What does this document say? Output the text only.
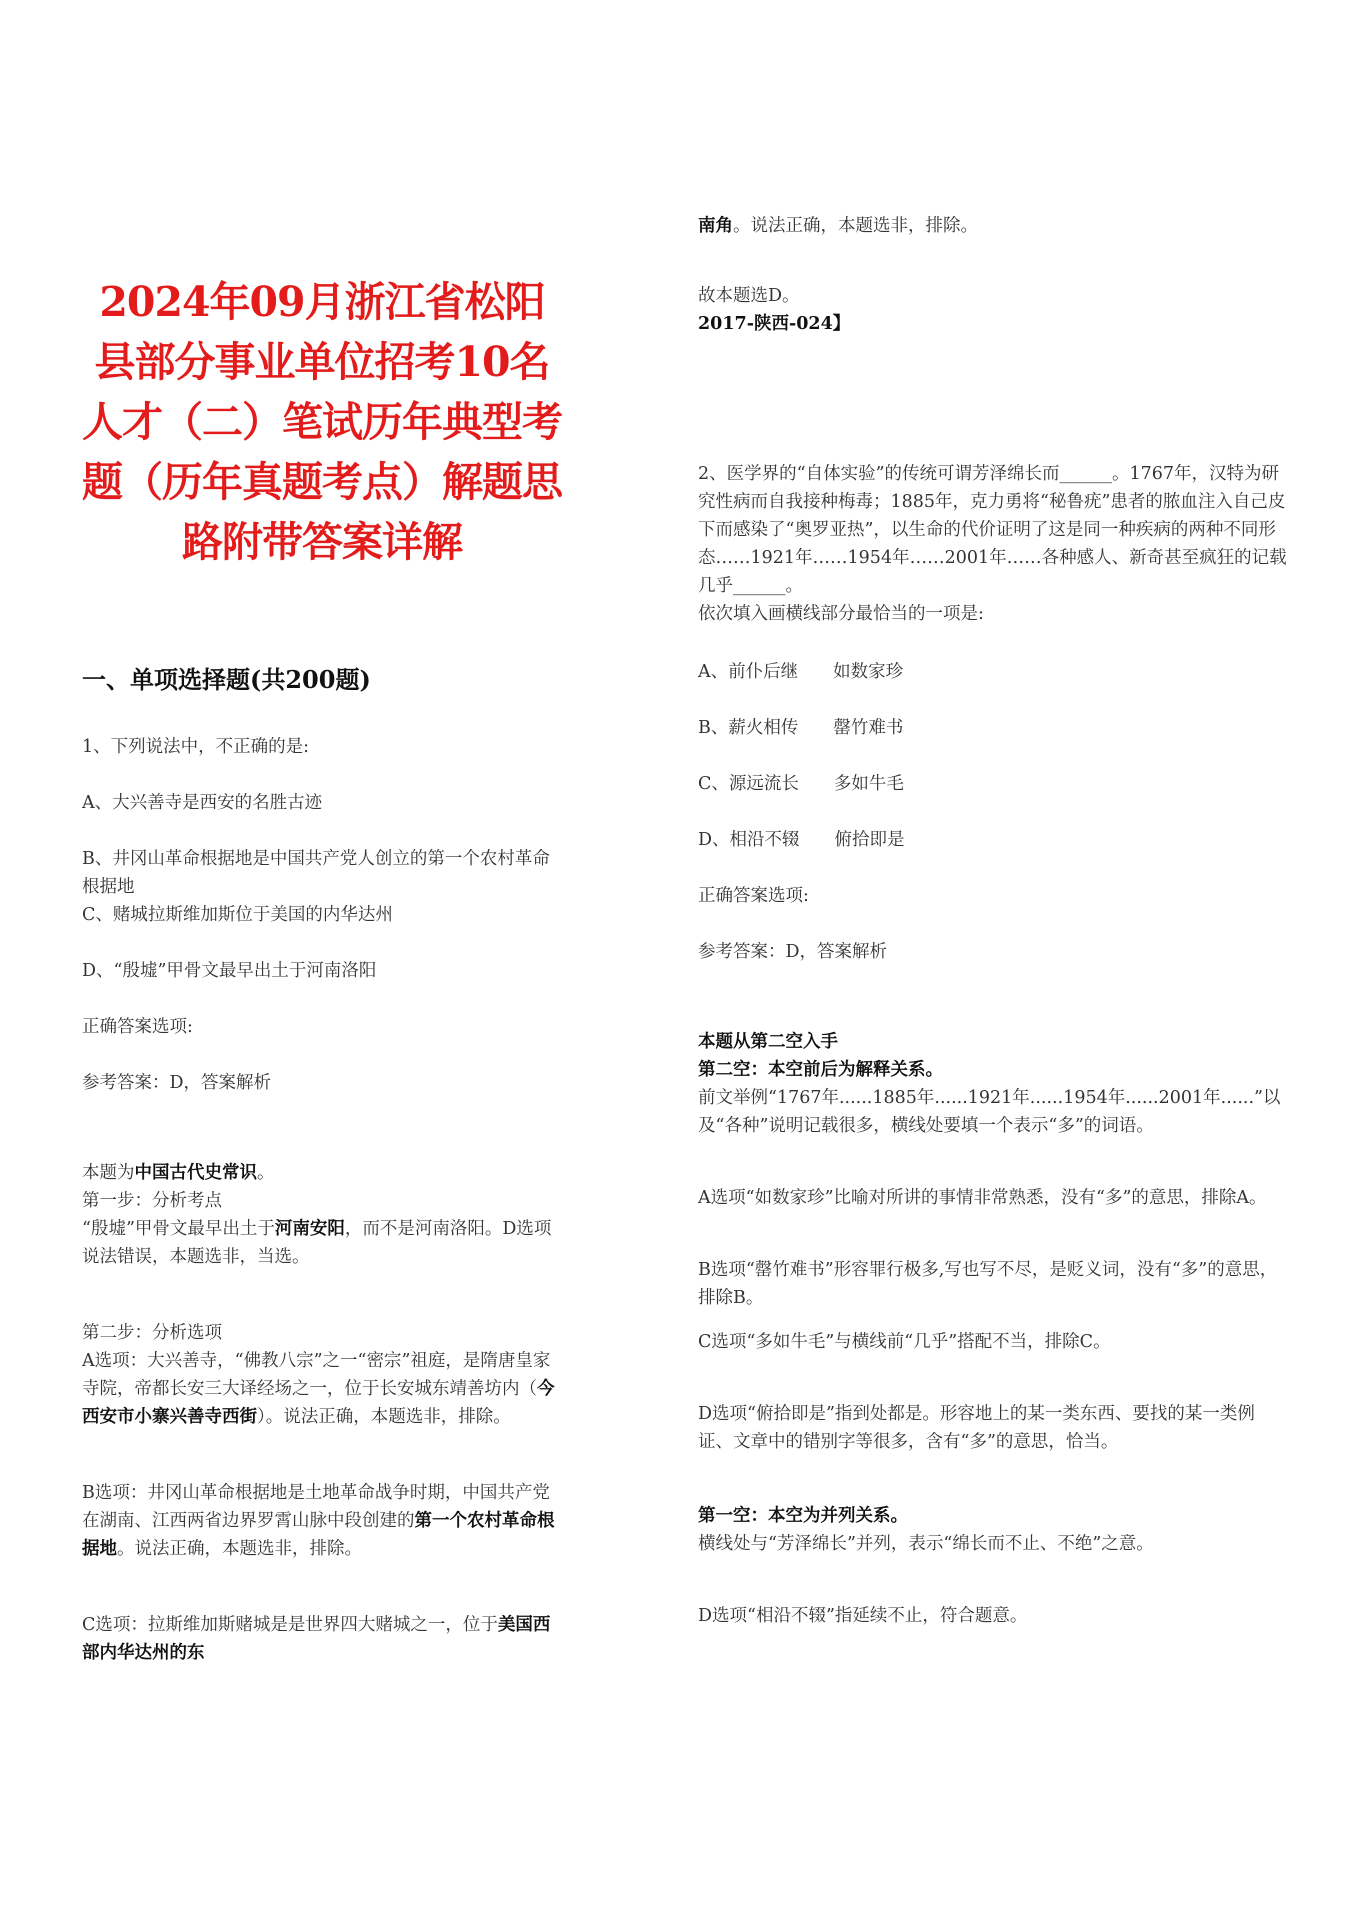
2024年09月浙江省松阳县部分事业单位招考10名人才（二）笔试历年典型考题（历年真题考点）解题思路附带答案详解
一、单项选择题(共200题)
1、下列说法中，不正确的是:
A、大兴善寺是西安的名胜古迹
B、井冈山革命根据地是中国共产党人创立的第一个农村革命根据地
C、赌城拉斯维加斯位于美国的内华达州
D、“殷墟”甲骨文最早出土于河南洛阳
正确答案选项:
参考答案：D，答案解析
本题为中国古代史常识。
第一步：分析考点
“殷墟”甲骨文最早出土于河南安阳，而不是河南洛阳。D选项说法错误，本题选非，当选。
第二步：分析选项
A选项：大兴善寺，“佛教八宗”之一“密宗”祖庭，是隋唐皇家寺院，帝都长安三大译经场之一，位于长安城东靖善坊内（今西安市小寨兴善寺西街）。说法正确，本题选非，排除。
B选项：井冈山革命根据地是土地革命战争时期，中国共产党在湖南、江西两省边界罗霄山脉中段创建的第一个农村革命根据地。说法正确，本题选非，排除。
C选项：拉斯维加斯赌城是是世界四大赌城之一，位于美国西部内华达州的东
南角。说法正确，本题选非，排除。
故本题选D。
2017-陕西-024】
2、医学界的“自体实验”的传统可谓芳泽绵长而______。1767年，汉特为研究性病而自我接种梅毒；1885年，克力勇将“秘鲁疣”患者的脓血注入自己皮下而感染了“奥罗亚热”，以生命的代价证明了这是同一种疾病的两种不同形态……1921年……1954年……2001年……各种感人、新奇甚至疯狂的记载几乎______。
依次填入画横线部分最恰当的一项是:
A、前仆后继　　如数家珍
B、薪火相传　　罄竹难书
C、源远流长　　多如牛毛
D、相沿不辍　　俯拾即是
正确答案选项:
参考答案：D，答案解析
本题从第二空入手
第二空：本空前后为解释关系。
前文举例“1767年......1885年......1921年......1954年......2001年......”以及“各种”说明记载很多，横线处要填一个表示“多”的词语。
A选项“如数家珍”比喻对所讲的事情非常熟悉，没有“多”的意思，排除A。
B选项“罄竹难书”形容罪行极多,写也写不尽，是贬义词，没有“多”的意思，排除B。
C选项“多如牛毛”与横线前“几乎”搭配不当，排除C。
D选项“俯拾即是”指到处都是。形容地上的某一类东西、要找的某一类例证、文章中的错别字等很多，含有“多”的意思，恰当。
第一空：本空为并列关系。
横线处与“芳泽绵长”并列，表示“绵长而不止、不绝”之意。
D选项“相沿不辍”指延续不止，符合题意。
